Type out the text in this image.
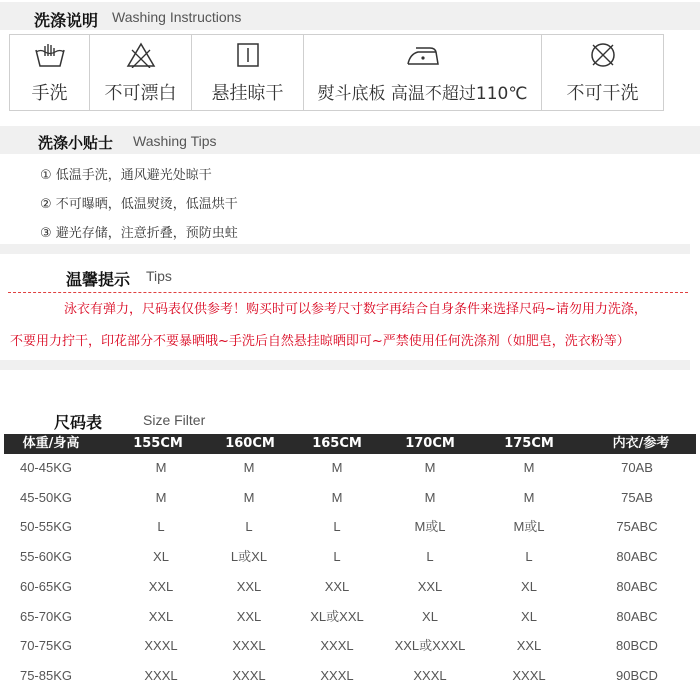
洗涤说明 Washing Instructions
手洗	不可漂白	悬挂晾干	熨斗底板 高温不超过110℃	不可干洗
洗涤小贴士 Washing Tips
① 低温手洗，通风避光处晾干
② 不可曝晒，低温熨烫，低温烘干
③ 避光存储，注意折叠，预防虫蛀
温馨提示 Tips
泳衣有弹力，尺码表仅供参考！购买时可以参考尺寸数字再结合自身条件来选择尺码~请勿用力洗涤，
不要用力拧干，印花部分不要暴晒哦~手洗后自然悬挂晾晒即可~严禁使用任何洗涤剂（如肥皂，洗衣粉等）
尺码表	Size Filter
体重/身高	155CM	160CM	165CM	170CM	175CM	内衣/参考
40-45KG	M	M	M	M	M	70AB
45-50KG	M	M	M	M	M	75AB
50-55KG	L	L	L	M或L	M或L	75ABC
55-60KG	XL	L或XL	L	L	L	80ABC
60-65KG	XXL	XXL	XXL	XXL	XL	80ABC
65-70KG	XXL	XXL	XL或XXL	XL	XL	80ABC
70-75KG	XXXL	XXXL	XXXL	XXL或XXXL	XXL	80BCD
75-85KG	XXXL	XXXL	XXXL	XXXL	XXXL	90BCD
